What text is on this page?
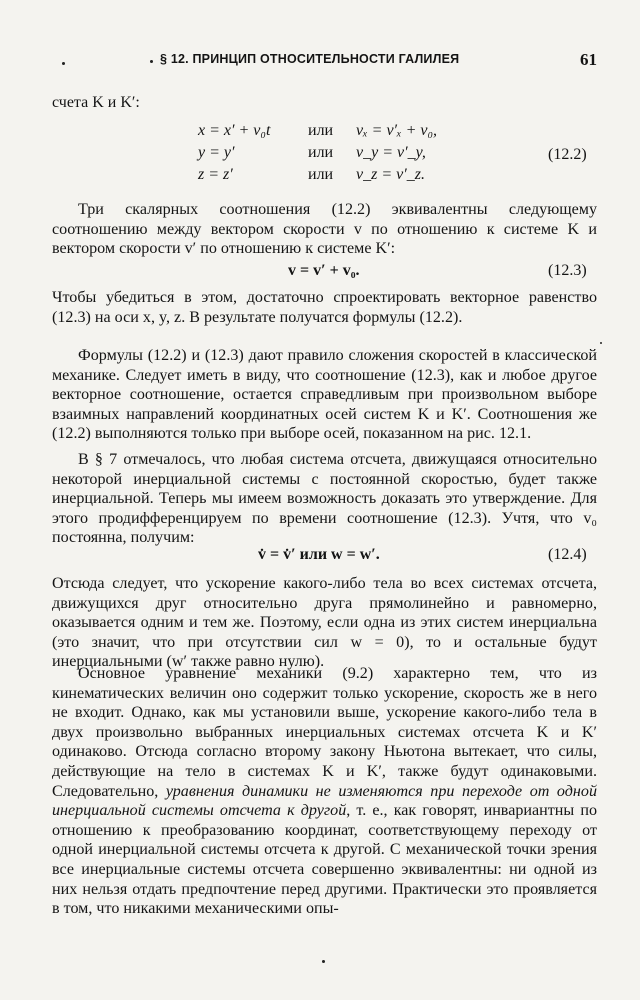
§ 12. ПРИНЦИП ОТНОСИТЕЛЬНОСТИ ГАЛИЛЕЯ	61
счета K и K′:
x = x′ + v₀t	или	vₓ = v′ₓ + v₀,
y = y′	или	v_y = v′_y,
z = z′	или	v_z = v′_z.
(12.2)
Три скалярных соотношения (12.2) эквивалентны следующему соотношению между вектором скорости v по отношению к системе K и вектором скорости v′ по отношению к системе K′:
v = v′ + v₀.	(12.3)
Чтобы убедиться в этом, достаточно спроектировать векторное равенство (12.3) на оси x, y, z. В результате получатся формулы (12.2).
Формулы (12.2) и (12.3) дают правило сложения скоростей в классической механике. Следует иметь в виду, что соотношение (12.3), как и любое другое векторное соотношение, остается справедливым при произвольном выборе взаимных направлений координатных осей систем K и K′. Соотношения же (12.2) выполняются только при выборе осей, показанном на рис. 12.1.
В § 7 отмечалось, что любая система отсчета, движущаяся относительно некоторой инерциальной системы с постоянной скоростью, будет также инерциальной. Теперь мы имеем возможность доказать это утверждение. Для этого продифференцируем по времени соотношение (12.3). Учтя, что v₀ постоянна, получим:
v̇ = v̇′ или w = w′.	(12.4)
Отсюда следует, что ускорение какого-либо тела во всех системах отсчета, движущихся друг относительно друга прямолинейно и равномерно, оказывается одним и тем же. Поэтому, если одна из этих систем инерциальна (это значит, что при отсутствии сил w = 0), то и остальные будут инерциальными (w′ также равно нулю).
Основное уравнение механики (9.2) характерно тем, что из кинематических величин оно содержит только ускорение, скорость же в него не входит. Однако, как мы установили выше, ускорение какого-либо тела в двух произвольно выбранных инерциальных системах отсчета K и K′ одинаково. Отсюда согласно второму закону Ньютона вытекает, что силы, действующие на тело в системах K и K′, также будут одинаковыми. Следовательно, уравнения динамики не изменяются при переходе от одной инерциальной системы отсчета к другой, т. е., как говорят, инвариантны по отношению к преобразованию координат, соответствующему переходу от одной инерциальной системы отсчета к другой. С механической точки зрения все инерциальные системы отсчета совершенно эквивалентны: ни одной из них нельзя отдать предпочтение перед другими. Практически это проявляется в том, что никакими механическими опы-
